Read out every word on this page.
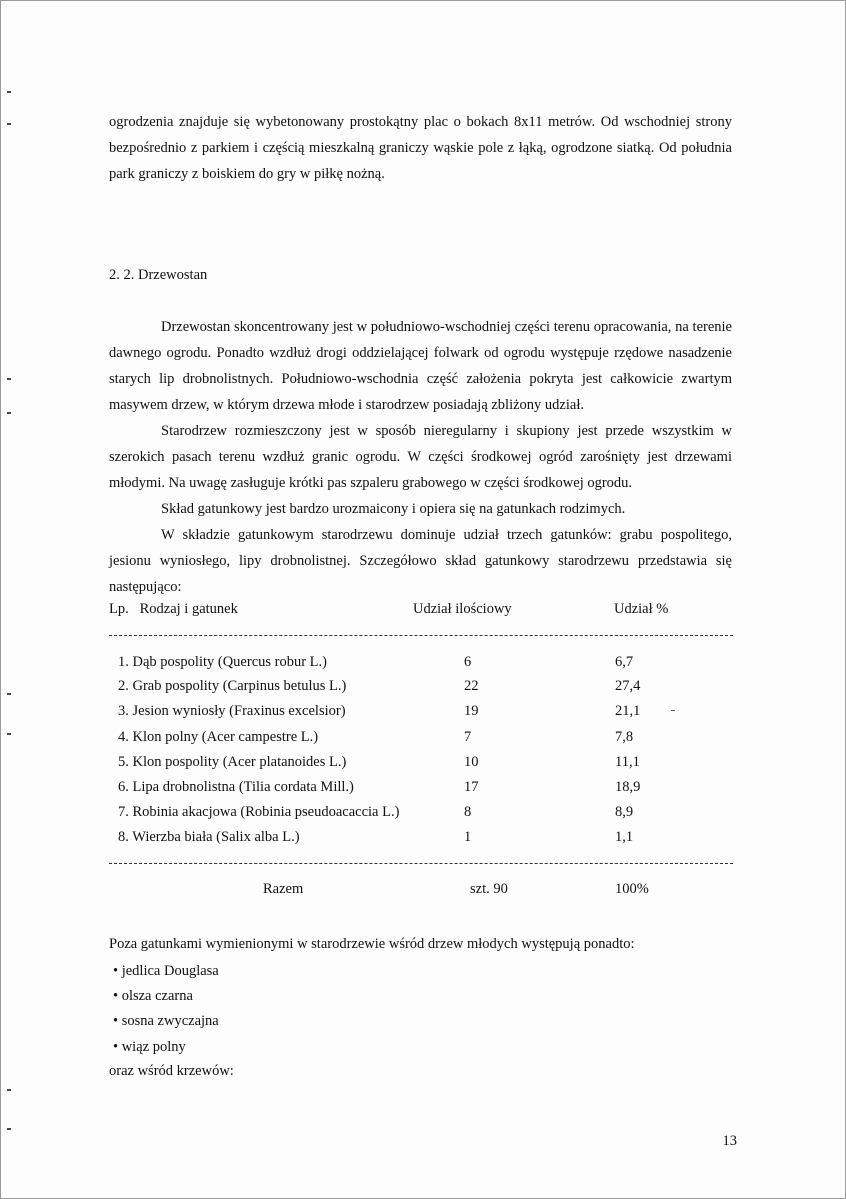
ogrodzenia znajduje się wybetonowany prostokątny plac o bokach 8x11 metrów. Od wschodniej strony bezpośrednio z parkiem i częścią mieszkalną graniczy wąskie pole z łąką, ogrodzone siatką. Od południa park graniczy z boiskiem do gry w piłkę nożną.

2. 2. Drzewostan

Drzewostan skoncentrowany jest w południowo-wschodniej części terenu opracowania, na terenie dawnego ogrodu. Ponadto wzdłuż drogi oddzielającej folwark od ogrodu występuje rzędowe nasadzenie starych lip drobnolistnych. Południowo-wschodnia część założenia pokryta jest całkowicie zwartym masywem drzew, w którym drzewa młode i starodrzew posiadają zbliżony udział.

Starodrzew rozmieszczony jest w sposób nieregularny i skupiony jest przede wszystkim w szerokich pasach terenu wzdłuż granic ogrodu. W części środkowej ogród zarośnięty jest drzewami młodymi. Na uwagę zasługuje krótki pas szpaleru grabowego w części środkowej ogrodu.

Skład gatunkowy jest bardzo urozmaicony i opiera się na gatunkach rodzimych.

W składzie gatunkowym starodrzewu dominuje udział trzech gatunków: grabu pospolitego, jesionu wyniosłego, lipy drobnolistnej. Szczegółowo skład gatunkowy starodrzewu przedstawia się następująco:

Lp.   Rodzaj i gatunek	Udział ilościowy	Udział %
1. Dąb pospolity (Quercus robur L.)	6	6,7
2. Grab pospolity (Carpinus betulus L.)	22	27,4
3. Jesion wyniosły (Fraxinus excelsior)	19	21,1
4. Klon polny (Acer campestre L.)	7	7,8
5. Klon pospolity (Acer platanoides L.)	10	11,1
6. Lipa drobnolistna (Tilia cordata Mill.)	17	18,9
7. Robinia akacjowa (Robinia pseudoacaccia L.)	8	8,9
8. Wierzba biała (Salix alba L.)	1	1,1
Razem	szt. 90	100%

Poza gatunkami wymienionymi w starodrzewie wśród drzew młodych występują ponadto:

• jedlica Douglasa
• olsza czarna
• sosna zwyczajna
• wiąz polny

oraz wśród krzewów:

13
